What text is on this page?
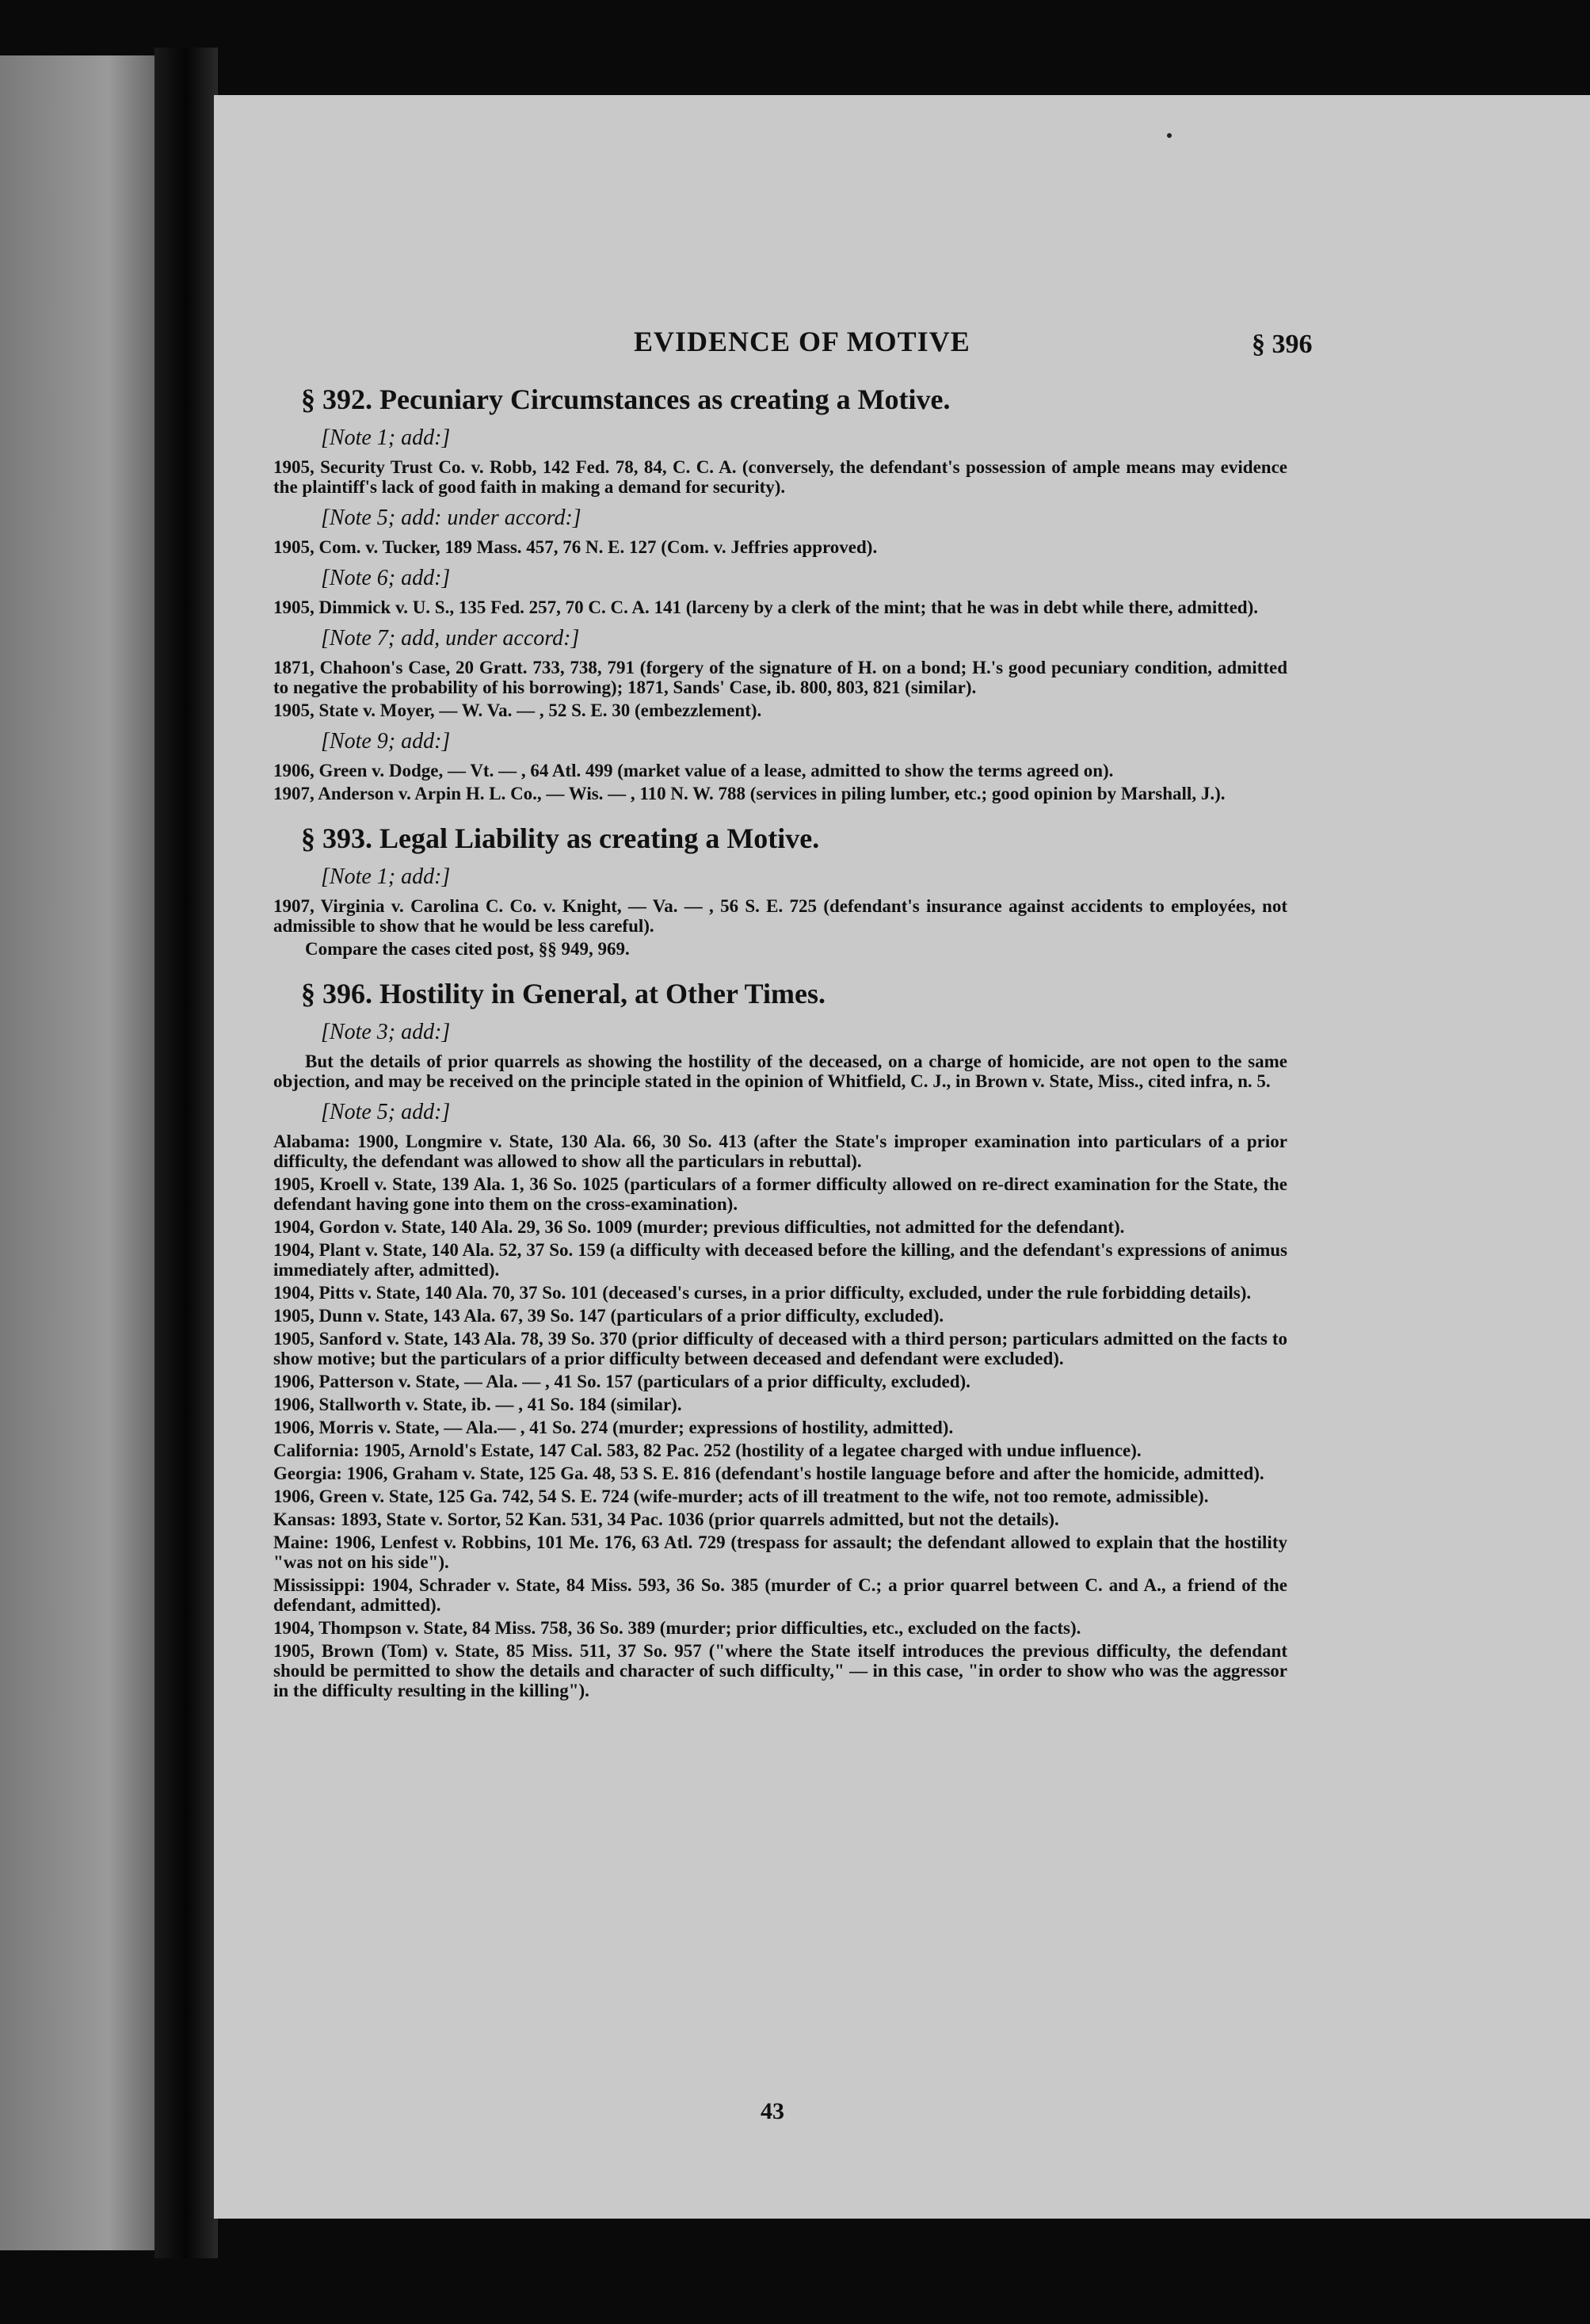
EVIDENCE OF MOTIVE	§ 396
§ 392. Pecuniary Circumstances as creating a Motive.
[Note 1; add:]
1905, Security Trust Co. v. Robb, 142 Fed. 78, 84, C. C. A. (conversely, the defendant's possession of ample means may evidence the plaintiff's lack of good faith in making a demand for security).
[Note 5; add: under accord:]
1905, Com. v. Tucker, 189 Mass. 457, 76 N. E. 127 (Com. v. Jeffries approved).
[Note 6; add:]
1905, Dimmick v. U. S., 135 Fed. 257, 70 C. C. A. 141 (larceny by a clerk of the mint; that he was in debt while there, admitted).
[Note 7; add, under accord:]
1871, Chahoon's Case, 20 Gratt. 733, 738, 791 (forgery of the signature of H. on a bond; H.'s good pecuniary condition, admitted to negative the probability of his borrowing); 1871, Sands' Case, ib. 800, 803, 821 (similar).
1905, State v. Moyer, — W. Va. — , 52 S. E. 30 (embezzlement).
[Note 9; add:]
1906, Green v. Dodge, — Vt. — , 64 Atl. 499 (market value of a lease, admitted to show the terms agreed on).
1907, Anderson v. Arpin H. L. Co., — Wis. — , 110 N. W. 788 (services in piling lumber, etc.; good opinion by Marshall, J.).
§ 393. Legal Liability as creating a Motive.
[Note 1; add:]
1907, Virginia v. Carolina C. Co. v. Knight, — Va. — , 56 S. E. 725 (defendant's insurance against accidents to employées, not admissible to show that he would be less careful).
Compare the cases cited post, §§ 949, 969.
§ 396. Hostility in General, at Other Times.
[Note 3; add:]
But the details of prior quarrels as showing the hostility of the deceased, on a charge of homicide, are not open to the same objection, and may be received on the principle stated in the opinion of Whitfield, C. J., in Brown v. State, Miss., cited infra, n. 5.
[Note 5; add:]
Alabama: 1900, Longmire v. State, 130 Ala. 66, 30 So. 413 (after the State's improper examination into particulars of a prior difficulty, the defendant was allowed to show all the particulars in rebuttal).
1905, Kroell v. State, 139 Ala. 1, 36 So. 1025 (particulars of a former difficulty allowed on re-direct examination for the State, the defendant having gone into them on the cross-examination).
1904, Gordon v. State, 140 Ala. 29, 36 So. 1009 (murder; previous difficulties, not admitted for the defendant).
1904, Plant v. State, 140 Ala. 52, 37 So. 159 (a difficulty with deceased before the killing, and the defendant's expressions of animus immediately after, admitted).
1904, Pitts v. State, 140 Ala. 70, 37 So. 101 (deceased's curses, in a prior difficulty, excluded, under the rule forbidding details).
1905, Dunn v. State, 143 Ala. 67, 39 So. 147 (particulars of a prior difficulty, excluded).
1905, Sanford v. State, 143 Ala. 78, 39 So. 370 (prior difficulty of deceased with a third person; particulars admitted on the facts to show motive; but the particulars of a prior difficulty between deceased and defendant were excluded).
1906, Patterson v. State, — Ala. — , 41 So. 157 (particulars of a prior difficulty, excluded).
1906, Stallworth v. State, ib. — , 41 So. 184 (similar).
1906, Morris v. State, — Ala.— , 41 So. 274 (murder; expressions of hostility, admitted).
California: 1905, Arnold's Estate, 147 Cal. 583, 82 Pac. 252 (hostility of a legatee charged with undue influence).
Georgia: 1906, Graham v. State, 125 Ga. 48, 53 S. E. 816 (defendant's hostile language before and after the homicide, admitted).
1906, Green v. State, 125 Ga. 742, 54 S. E. 724 (wife-murder; acts of ill treatment to the wife, not too remote, admissible).
Kansas: 1893, State v. Sortor, 52 Kan. 531, 34 Pac. 1036 (prior quarrels admitted, but not the details).
Maine: 1906, Lenfest v. Robbins, 101 Me. 176, 63 Atl. 729 (trespass for assault; the defendant allowed to explain that the hostility "was not on his side").
Mississippi: 1904, Schrader v. State, 84 Miss. 593, 36 So. 385 (murder of C.; a prior quarrel between C. and A., a friend of the defendant, admitted).
1904, Thompson v. State, 84 Miss. 758, 36 So. 389 (murder; prior difficulties, etc., excluded on the facts).
1905, Brown (Tom) v. State, 85 Miss. 511, 37 So. 957 ("where the State itself introduces the previous difficulty, the defendant should be permitted to show the details and character of such difficulty," — in this case, "in order to show who was the aggressor in the difficulty resulting in the killing").
43
